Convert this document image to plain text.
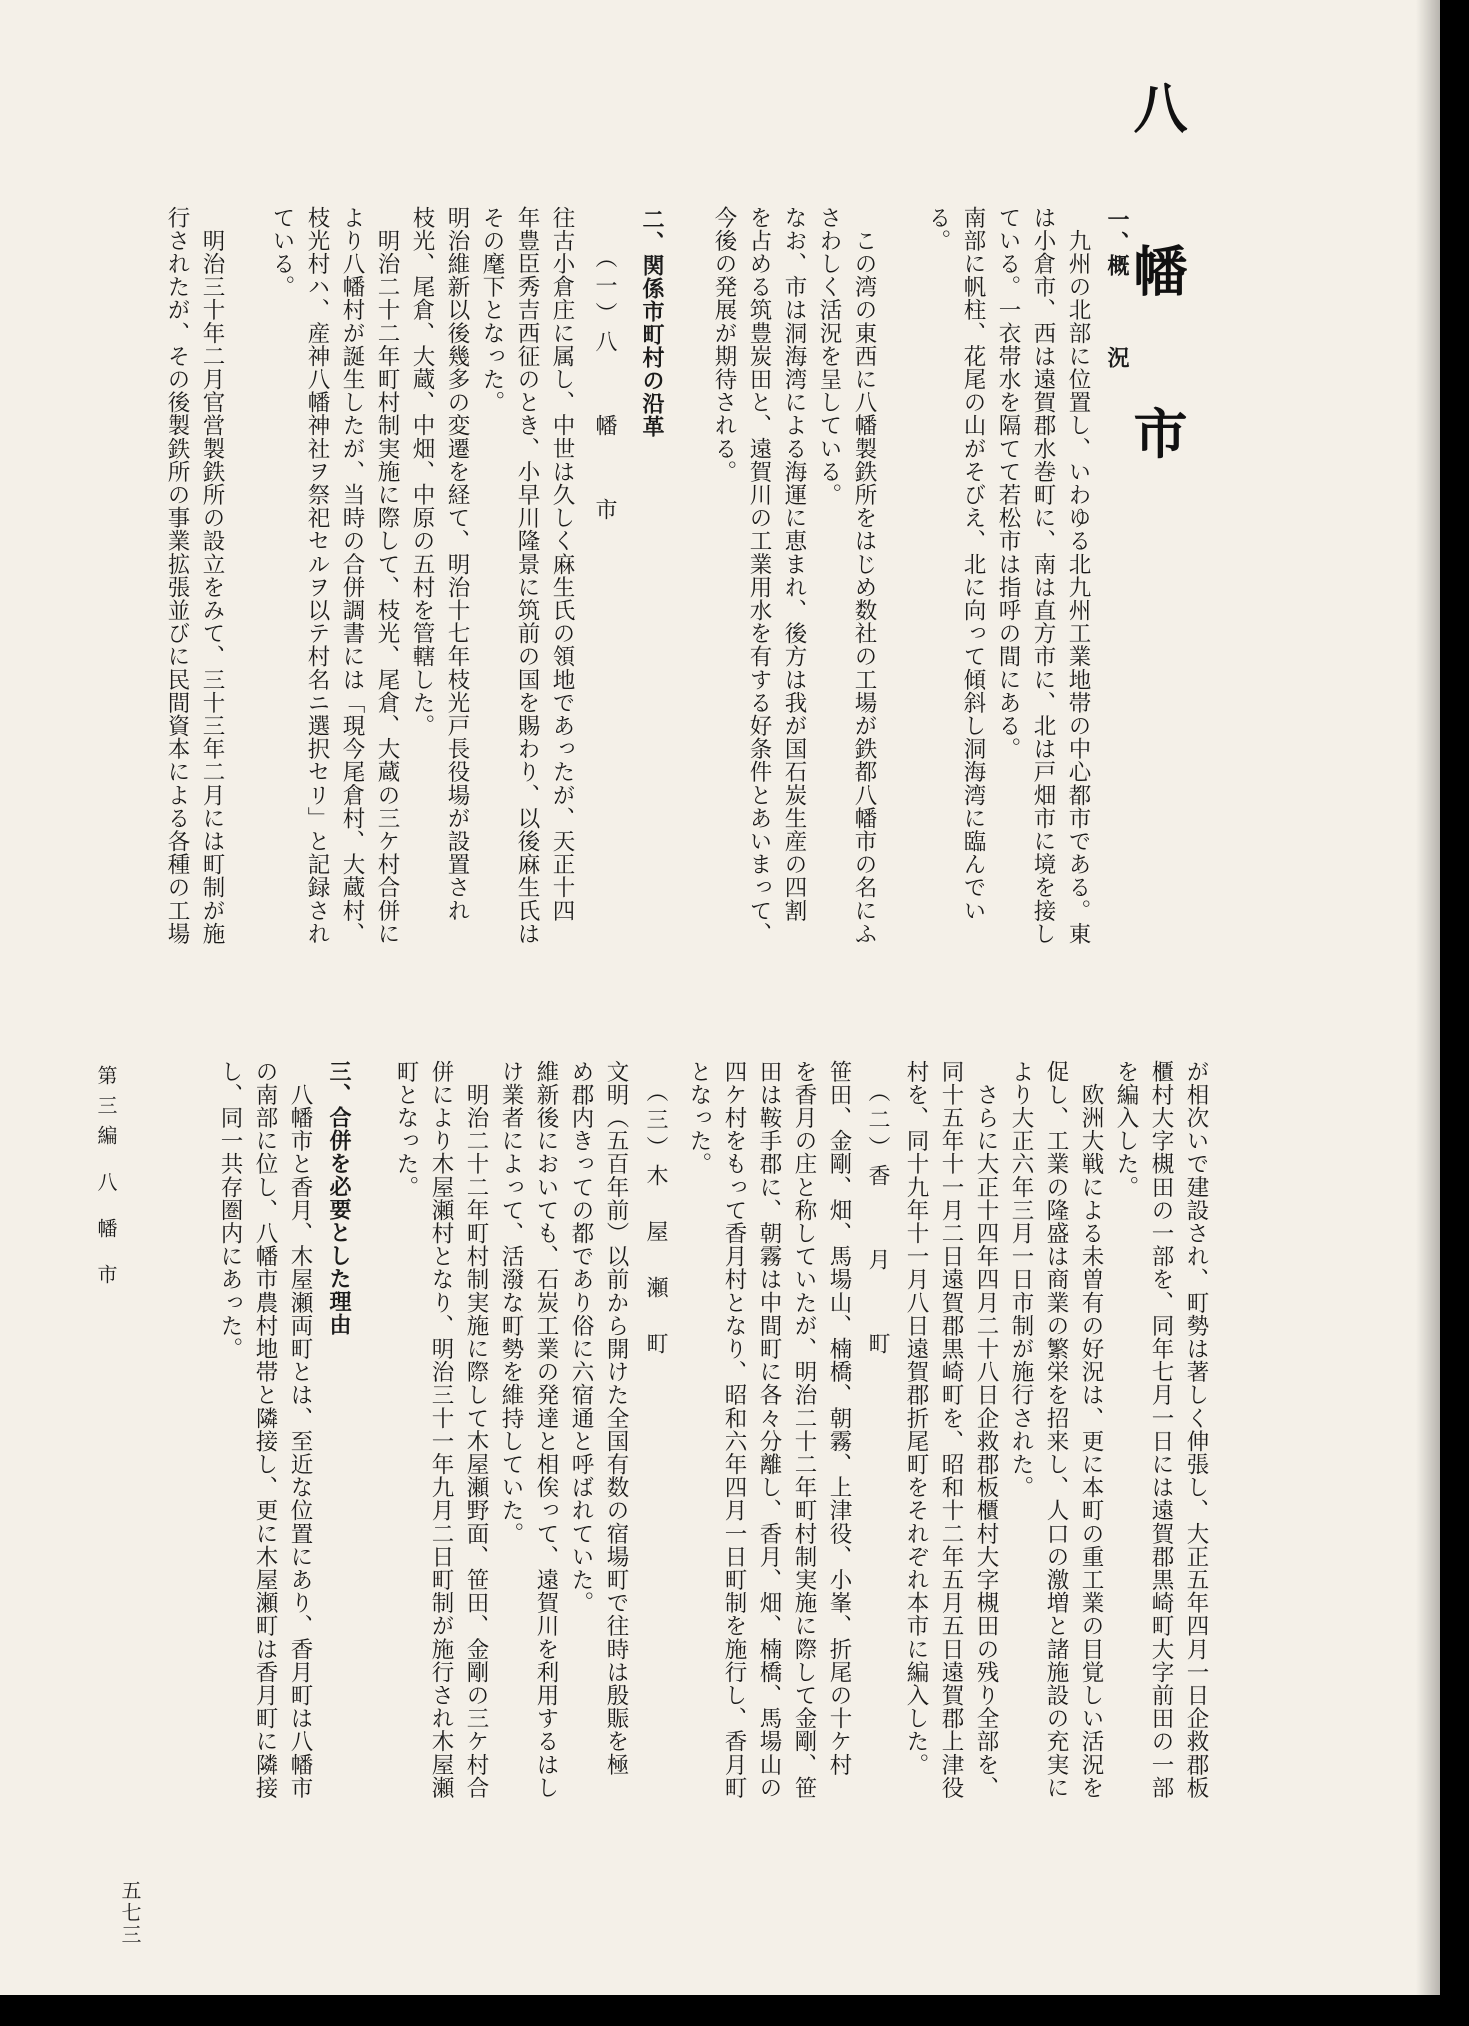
八 幡 市
一、概　　　況
　九州の北部に位置し、いわゆる北九州工業地帯の中心都市である。東
は小倉市、西は遠賀郡水巻町に、南は直方市に、北は戸畑市に境を接し
ている。一衣帯水を隔てて若松市は指呼の間にある。
南部に帆柱、花尾の山がそびえ、北に向って傾斜し洞海湾に臨んでい
る。
　この湾の東西に八幡製鉄所をはじめ数社の工場が鉄都八幡市の名にふ
さわしく活況を呈している。
なお、市は洞海湾による海運に恵まれ、後方は我が国石炭生産の四割
を占める筑豊炭田と、遠賀川の工業用水を有する好条件とあいまって、
今後の発展が期待される。
二、関係市町村の沿革
（一）八　　幡　　市
往古小倉庄に属し、中世は久しく麻生氏の領地であったが、天正十四
年豊臣秀吉西征のとき、小早川隆景に筑前の国を賜わり、以後麻生氏は
その麾下となった。
明治維新以後幾多の変遷を経て、明治十七年枝光戸長役場が設置され
枝光、尾倉、大蔵、中畑、中原の五村を管轄した。
　明治二十二年町村制実施に際して、枝光、尾倉、大蔵の三ケ村合併に
より八幡村が誕生したが、当時の合併調書には「現今尾倉村、大蔵村、
枝光村ハ、産神八幡神社ヲ祭祀セルヲ以テ村名ニ選択セリ」と記録され
ている。
　明治三十年二月官営製鉄所の設立をみて、三十三年二月には町制が施
行されたが、その後製鉄所の事業拡張並びに民間資本による各種の工場
が相次いで建設され、町勢は著しく伸張し、大正五年四月一日企救郡板
櫃村大字槻田の一部を、同年七月一日には遠賀郡黒崎町大字前田の一部
を編入した。
　欧洲大戦による未曽有の好況は、更に本町の重工業の目覚しい活況を
促し、工業の隆盛は商業の繁栄を招来し、人口の激増と諸施設の充実に
より大正六年三月一日市制が施行された。
　さらに大正十四年四月二十八日企救郡板櫃村大字槻田の残り全部を、
同十五年十一月二日遠賀郡黒崎町を、昭和十二年五月五日遠賀郡上津役
村を、同十九年十一月八日遠賀郡折尾町をそれぞれ本市に編入した。
（二）香　　月　　町
笹田、金剛、畑、馬場山、楠橋、朝霧、上津役、小峯、折尾の十ケ村
を香月の庄と称していたが、明治二十二年町村制実施に際して金剛、笹
田は鞍手郡に、朝霧は中間町に各々分離し、香月、畑、楠橋、馬場山の
四ケ村をもって香月村となり、昭和六年四月一日町制を施行し、香月町
となった。
（三）木　屋　瀬　町
文明（五百年前）以前から開けた全国有数の宿場町で往時は殷賑を極
め郡内きっての都であり俗に六宿通と呼ばれていた。
維新後においても、石炭工業の発達と相俟って、遠賀川を利用するはし
け業者によって、活潑な町勢を維持していた。
　明治二十二年町村制実施に際して木屋瀬野面、笹田、金剛の三ケ村合
併により木屋瀬村となり、明治三十一年九月二日町制が施行され木屋瀬
町となった。
三、合併を必要とした理由
　八幡市と香月、木屋瀬両町とは、至近な位置にあり、香月町は八幡市
の南部に位し、八幡市農村地帯と隣接し、更に木屋瀬町は香月町に隣接
し、同一共存圏内にあった。
第三編 八 幡 市
五七三
